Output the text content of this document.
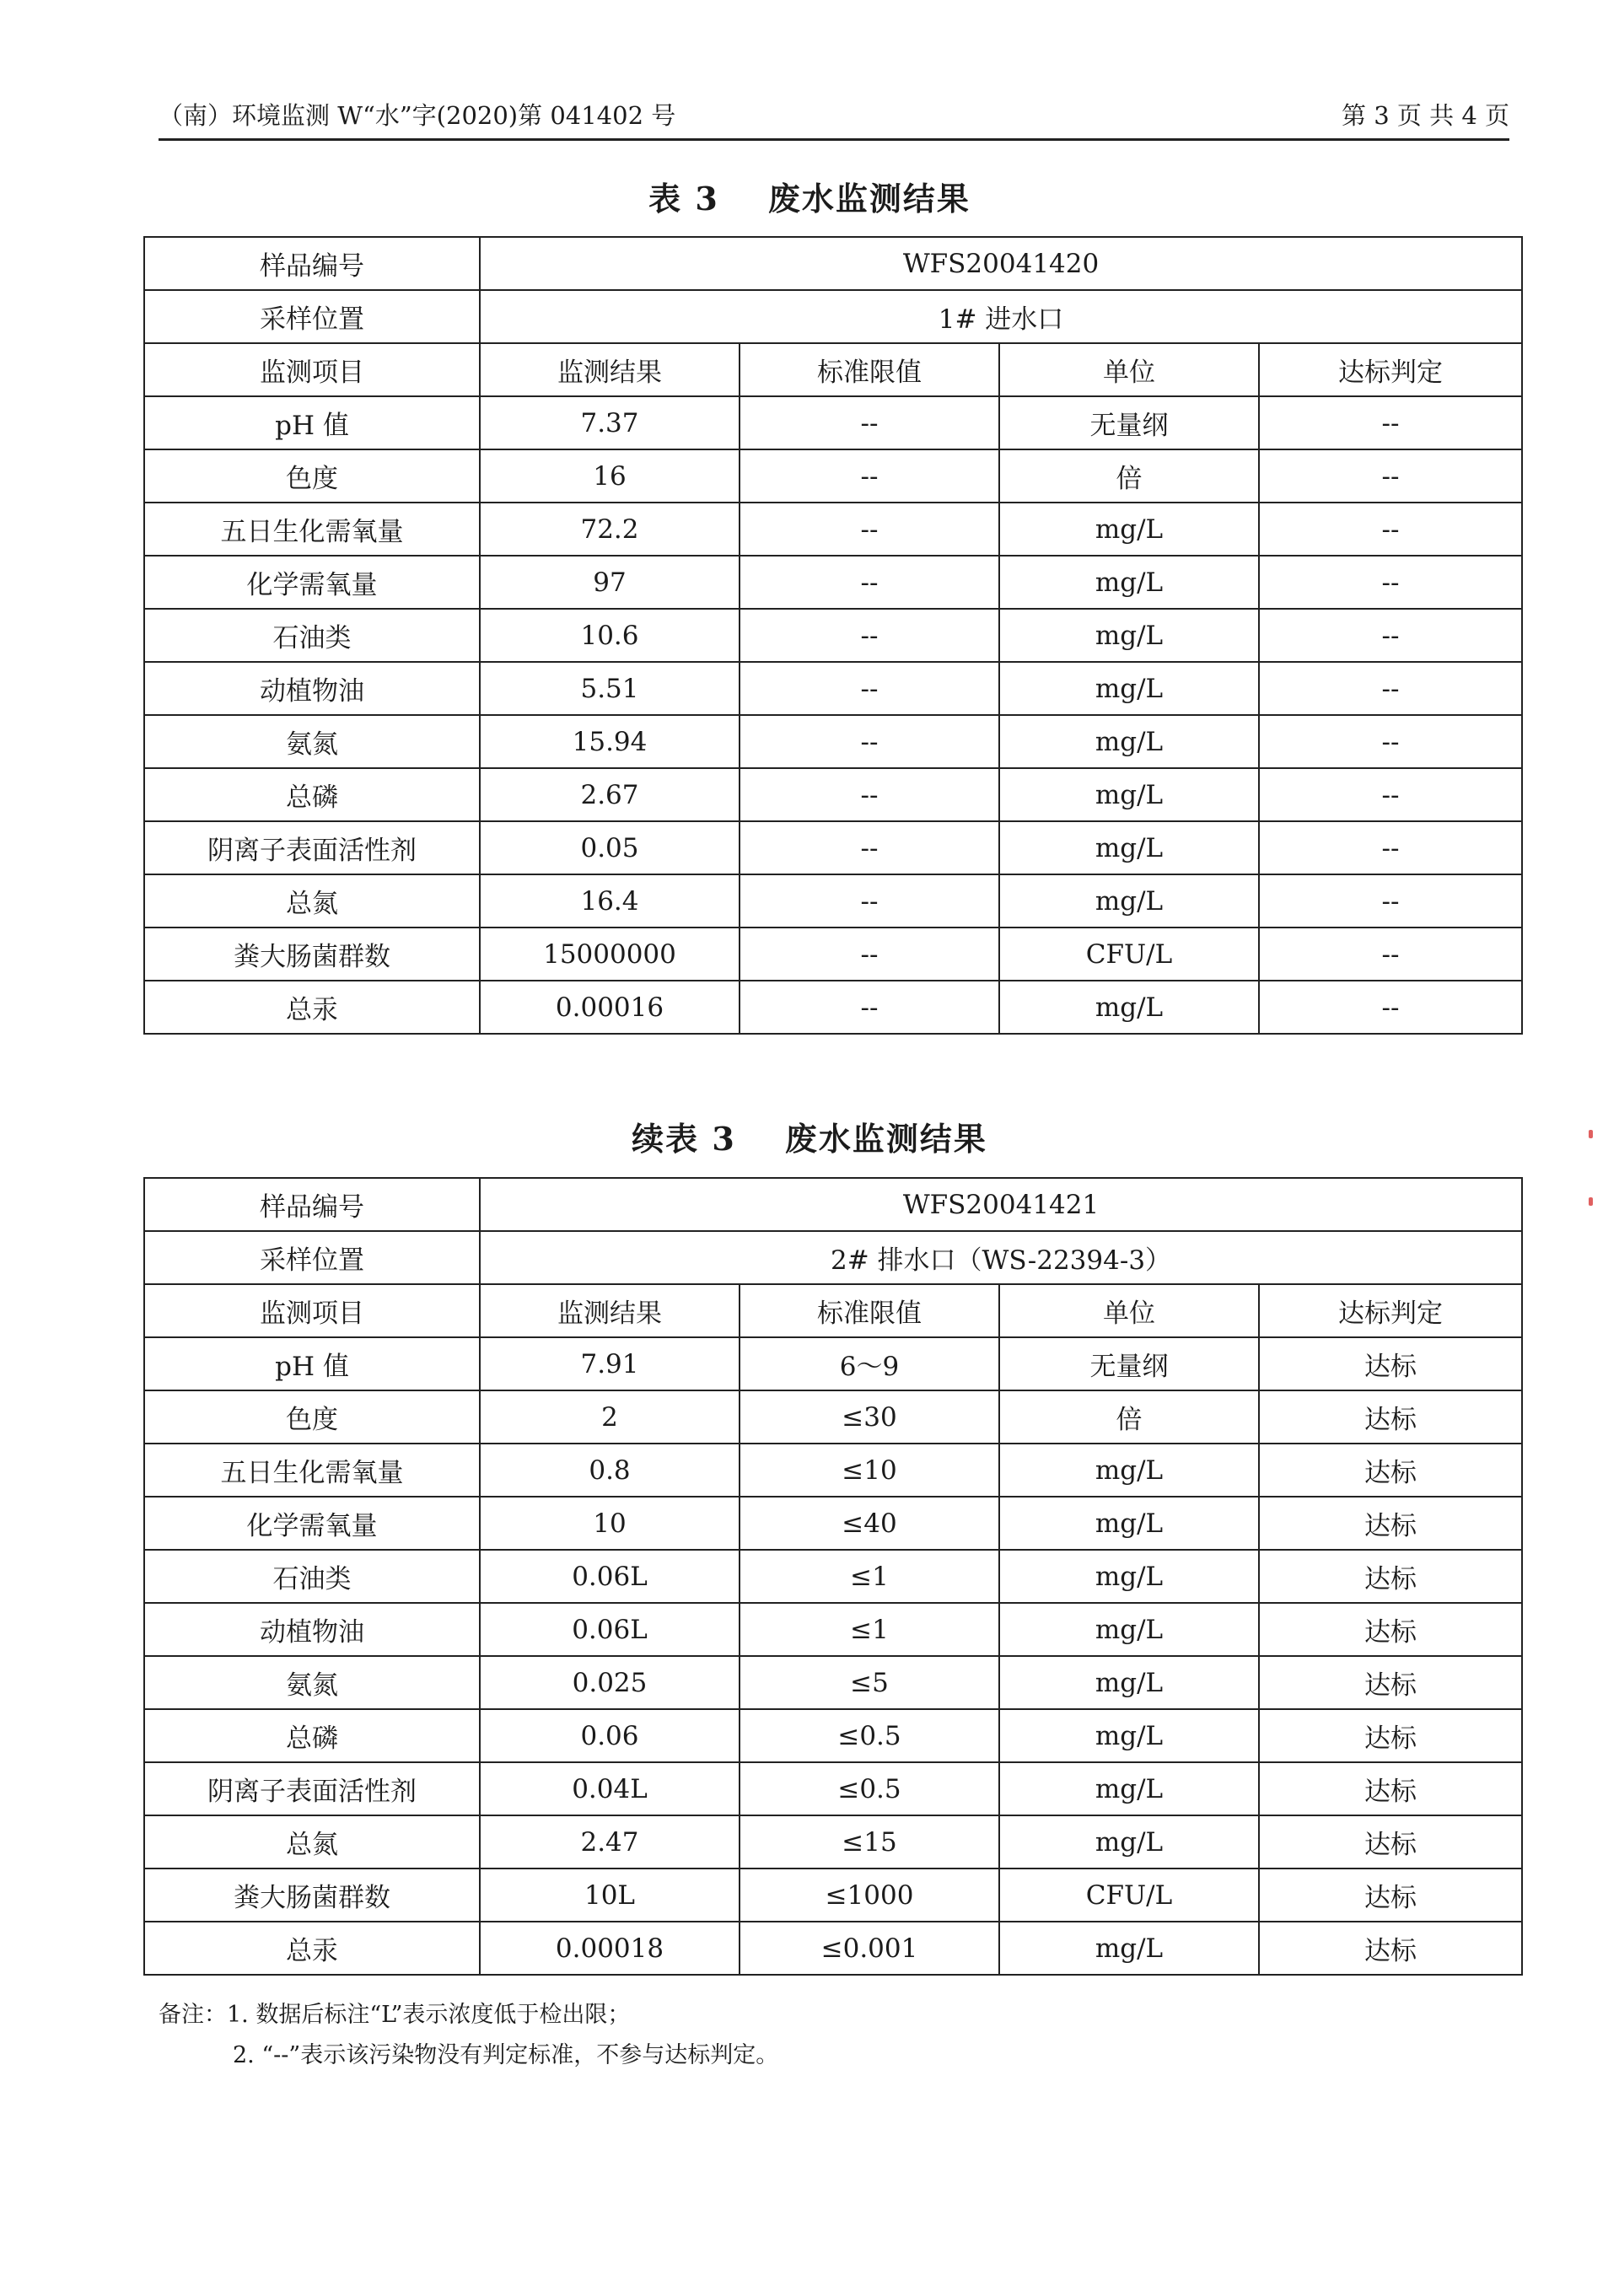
（南）环境监测 W“水”字(2020)第 041402 号	第 3 页 共 4 页
表 3 废水监测结果
样品编号	WFS20041420			
采样位置	1# 进水口			
监测项目	监测结果	标准限值	单位	达标判定
pH 值	7.37	--	无量纲	--
色度	16	--	倍	--
五日生化需氧量	72.2	--	mg/L	--
化学需氧量	97	--	mg/L	--
石油类	10.6	--	mg/L	--
动植物油	5.51	--	mg/L	--
氨氮	15.94	--	mg/L	--
总磷	2.67	--	mg/L	--
阴离子表面活性剂	0.05	--	mg/L	--
总氮	16.4	--	mg/L	--
粪大肠菌群数	15000000	--	CFU/L	--
总汞	0.00016	--	mg/L	--
续表 3 废水监测结果
样品编号	WFS20041421			
采样位置	2# 排水口（WS-22394-3）			
监测项目	监测结果	标准限值	单位	达标判定
pH 值	7.91	6～9	无量纲	达标
色度	2	≤30	倍	达标
五日生化需氧量	0.8	≤10	mg/L	达标
化学需氧量	10	≤40	mg/L	达标
石油类	0.06L	≤1	mg/L	达标
动植物油	0.06L	≤1	mg/L	达标
氨氮	0.025	≤5	mg/L	达标
总磷	0.06	≤0.5	mg/L	达标
阴离子表面活性剂	0.04L	≤0.5	mg/L	达标
总氮	2.47	≤15	mg/L	达标
粪大肠菌群数	10L	≤1000	CFU/L	达标
总汞	0.00018	≤0.001	mg/L	达标
备注：1. 数据后标注“L”表示浓度低于检出限；
2. “--”表示该污染物没有判定标准，不参与达标判定。
